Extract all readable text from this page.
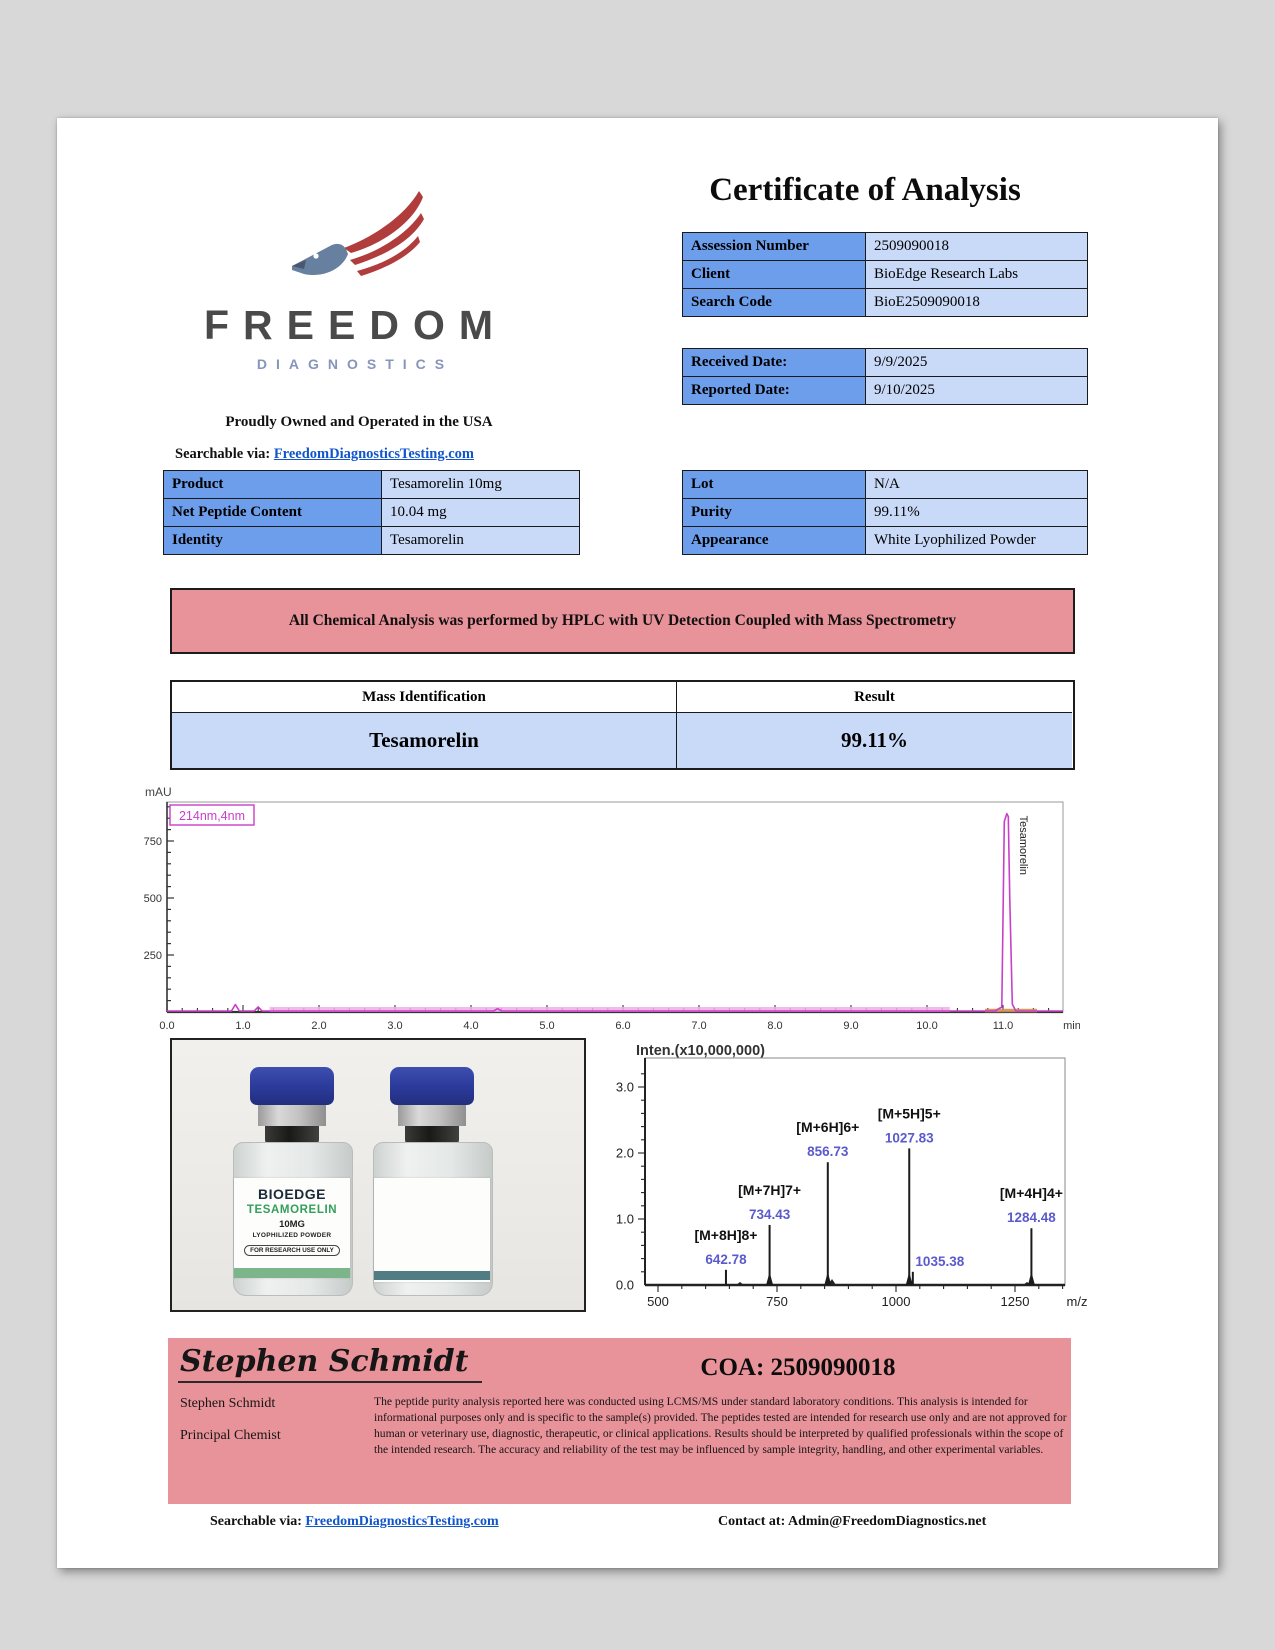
FREEDOM
DIAGNOSTICS
Proudly Owned and Operated in the USA
Searchable via: FreedomDiagnosticsTesting.com
Certificate of Analysis
Assession Number	2509090018
Client	BioEdge Research Labs
Search Code	BioE2509090018
Received Date:	9/9/2025
Reported Date:	9/10/2025
Product	Tesamorelin 10mg
Net Peptide Content	10.04 mg
Identity	Tesamorelin
Lot	N/A
Purity	99.11%
Appearance	White Lyophilized Powder
All Chemical Analysis was performed by HPLC with UV Detection Coupled with Mass Spectrometry
Mass Identification	Result
Tesamorelin	99.11%
mAU
250
500
750
0.0	1.0	2.0	3.0	4.0	5.0	6.0	7.0	8.0	9.0	10.0	11.0	min
214nm,4nm	Tesamorelin
BIOEDGE
TESAMORELIN
10MG
LYOPHILIZED POWDER
FOR RESEARCH USE ONLY
Inten.(x10,000,000)
0.0
1.0
2.0
3.0
500	750	1000	1250	m/z
642.78
[M+8H]8+
734.43
[M+7H]7+
856.73
[M+6H]6+
1027.83
[M+5H]5+
1035.38
1284.48
[M+4H]4+
Stephen Schmidt	COA: 2509090018
Stephen Schmidt
Principal Chemist
The peptide purity analysis reported here was conducted using LCMS/MS under standard laboratory conditions. This analysis is intended for informational purposes only and is specific to the sample(s) provided. The peptides tested are intended for research use only and are not approved for human or veterinary use, diagnostic, therapeutic, or clinical applications. Results should be interpreted by qualified professionals within the scope of the intended research. The accuracy and reliability of the test may be influenced by sample integrity, handling, and other experimental variables.
Searchable via: FreedomDiagnosticsTesting.com	Contact at: Admin@FreedomDiagnostics.net
